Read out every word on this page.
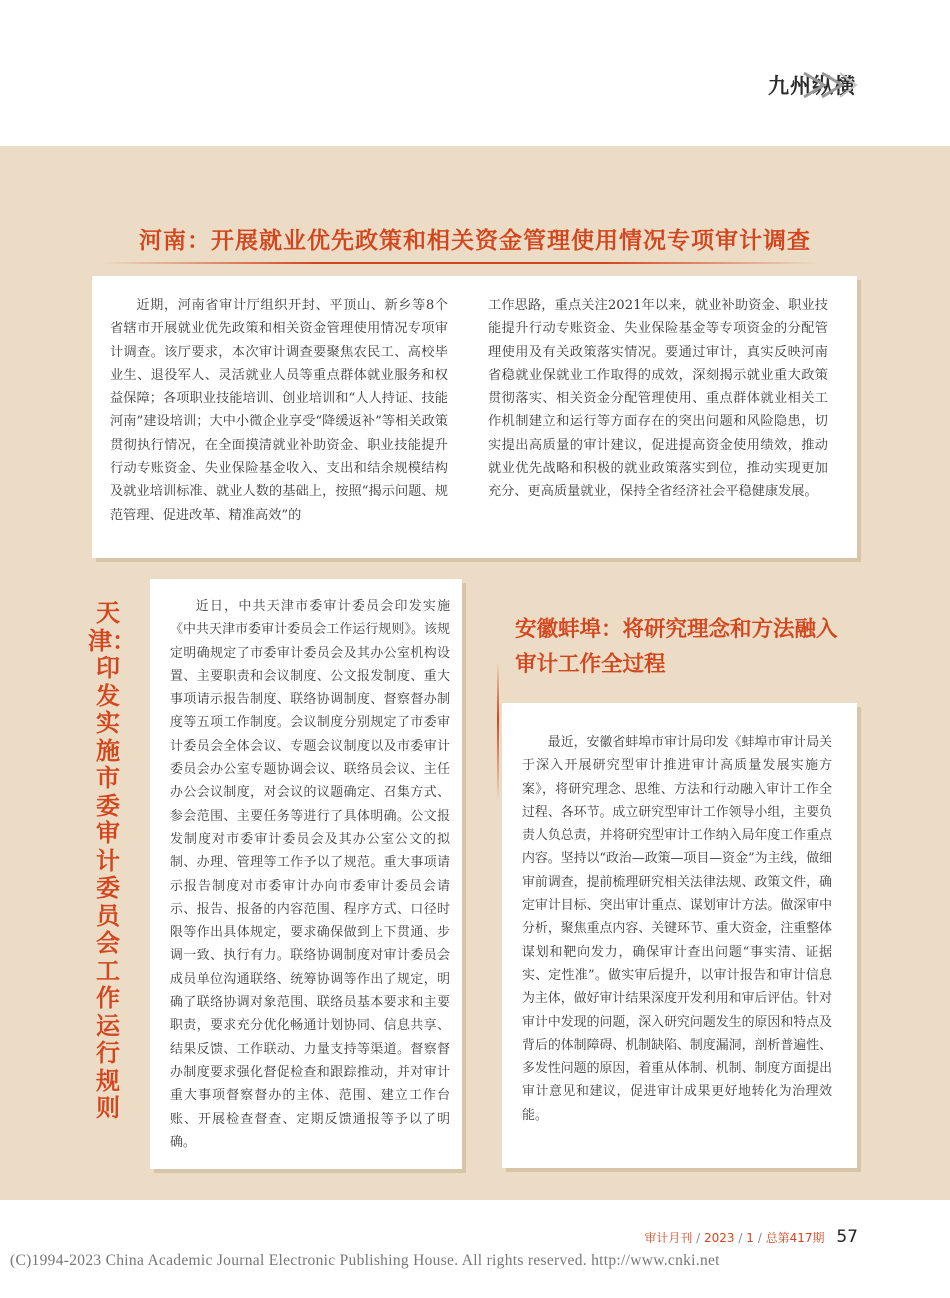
九州纵横
河南：开展就业优先政策和相关资金管理使用情况专项审计调查
近期，河南省审计厅组织开封、平顶山、新乡等8个省辖市开展就业优先政策和相关资金管理使用情况专项审计调查。该厅要求，本次审计调查要聚焦农民工、高校毕业生、退役军人、灵活就业人员等重点群体就业服务和权益保障；各项职业技能培训、创业培训和“人人持证、技能河南”建设培训；大中小微企业享受“降缓返补”等相关政策贯彻执行情况，在全面摸清就业补助资金、职业技能提升行动专账资金、失业保险基金收入、支出和结余规模结构及就业培训标准、就业人数的基础上，按照“揭示问题、规范管理、促进改革、精准高效”的
工作思路，重点关注2021年以来，就业补助资金、职业技能提升行动专账资金、失业保险基金等专项资金的分配管理使用及有关政策落实情况。要通过审计，真实反映河南省稳就业保就业工作取得的成效，深刻揭示就业重大政策贯彻落实、相关资金分配管理使用、重点群体就业相关工作机制建立和运行等方面存在的突出问题和风险隐患，切实提出高质量的审计建议，促进提高资金使用绩效，推动就业优先战略和积极的就业政策落实到位，推动实现更加充分、更高质量就业，保持全省经济社会平稳健康发展。
天津：印发实施市委审计委员会工作运行规则
近日，中共天津市委审计委员会印发实施《中共天津市委审计委员会工作运行规则》。该规定明确规定了市委审计委员会及其办公室机构设置、主要职责和会议制度、公文报发制度、重大事项请示报告制度、联络协调制度、督察督办制度等五项工作制度。会议制度分别规定了市委审计委员会全体会议、专题会议制度以及市委审计委员会办公室专题协调会议、联络员会议、主任办公会议制度，对会议的议题确定、召集方式、参会范围、主要任务等进行了具体明确。公文报发制度对市委审计委员会及其办公室公文的拟制、办理、管理等工作予以了规范。重大事项请示报告制度对市委审计办向市委审计委员会请示、报告、报备的内容范围、程序方式、口径时限等作出具体规定，要求确保做到上下贯通、步调一致、执行有力。联络协调制度对审计委员会成员单位沟通联络、统筹协调等作出了规定，明确了联络协调对象范围、联络员基本要求和主要职责，要求充分优化畅通计划协同、信息共享、结果反馈、工作联动、力量支持等渠道。督察督办制度要求强化督促检查和跟踪推动，并对审计重大事项督察督办的主体、范围、建立工作台账、开展检查督查、定期反馈通报等予以了明确。
安徽蚌埠：将研究理念和方法融入审计工作全过程
最近，安徽省蚌埠市审计局印发《蚌埠市审计局关于深入开展研究型审计推进审计高质量发展实施方案》，将研究理念、思维、方法和行动融入审计工作全过程、各环节。成立研究型审计工作领导小组，主要负责人负总责，并将研究型审计工作纳入局年度工作重点内容。坚持以“政治—政策—项目—资金”为主线，做细审前调查，提前梳理研究相关法律法规、政策文件，确定审计目标、突出审计重点、谋划审计方法。做深审中分析，聚焦重点内容、关键环节、重大资金，注重整体谋划和靶向发力，确保审计查出问题“事实清、证据实、定性准”。做实审后提升，以审计报告和审计信息为主体，做好审计结果深度开发利用和审后评估。针对审计中发现的问题，深入研究问题发生的原因和特点及背后的体制障碍、机制缺陷、制度漏洞，剖析普遍性、多发性问题的原因，着重从体制、机制、制度方面提出审计意见和建议，促进审计成果更好地转化为治理效能。
审计月刊 / 2023 / 1 / 总第417期 57
(C)1994-2023 China Academic Journal Electronic Publishing House. All rights reserved. http://www.cnki.net
